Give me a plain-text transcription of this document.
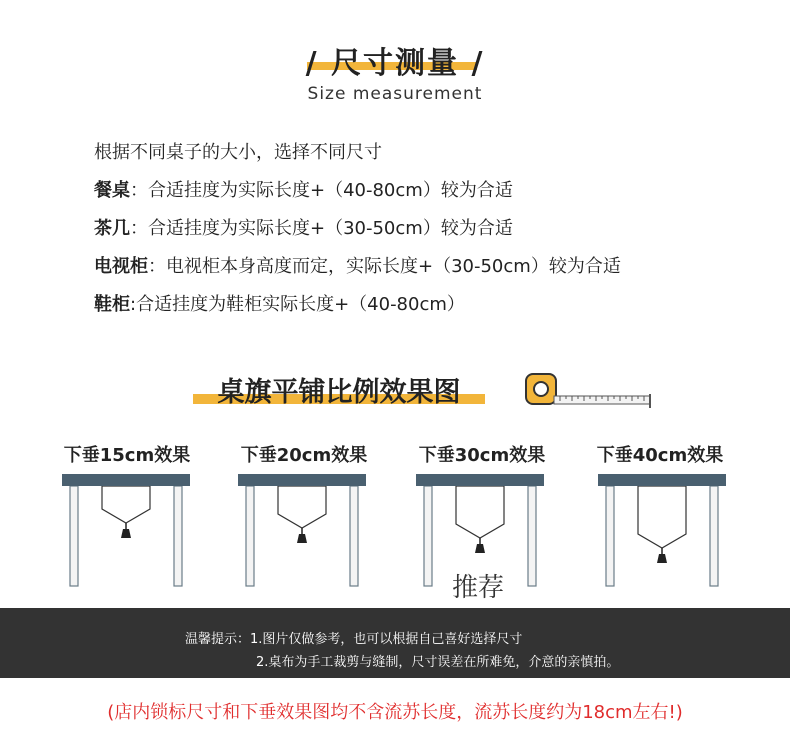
/ 尺寸测量 /
Size measurement
根据不同桌子的大小，选择不同尺寸
餐桌：合适挂度为实际长度+（40-80cm）较为合适
茶几：合适挂度为实际长度+（30-50cm）较为合适
电视柜：电视柜本身高度而定，实际长度+（30-50cm）较为合适
鞋柜:合适挂度为鞋柜实际长度+（40-80cm）
桌旗平铺比例效果图
下垂15cm效果	下垂20cm效果	下垂30cm效果	下垂40cm效果
推荐
温馨提示：1.图片仅做参考，也可以根据自己喜好选择尺寸
2.桌布为手工裁剪与缝制，尺寸误差在所难免，介意的亲慎拍。
(店内锁标尺寸和下垂效果图均不含流苏长度，流苏长度约为18cm左右!)
